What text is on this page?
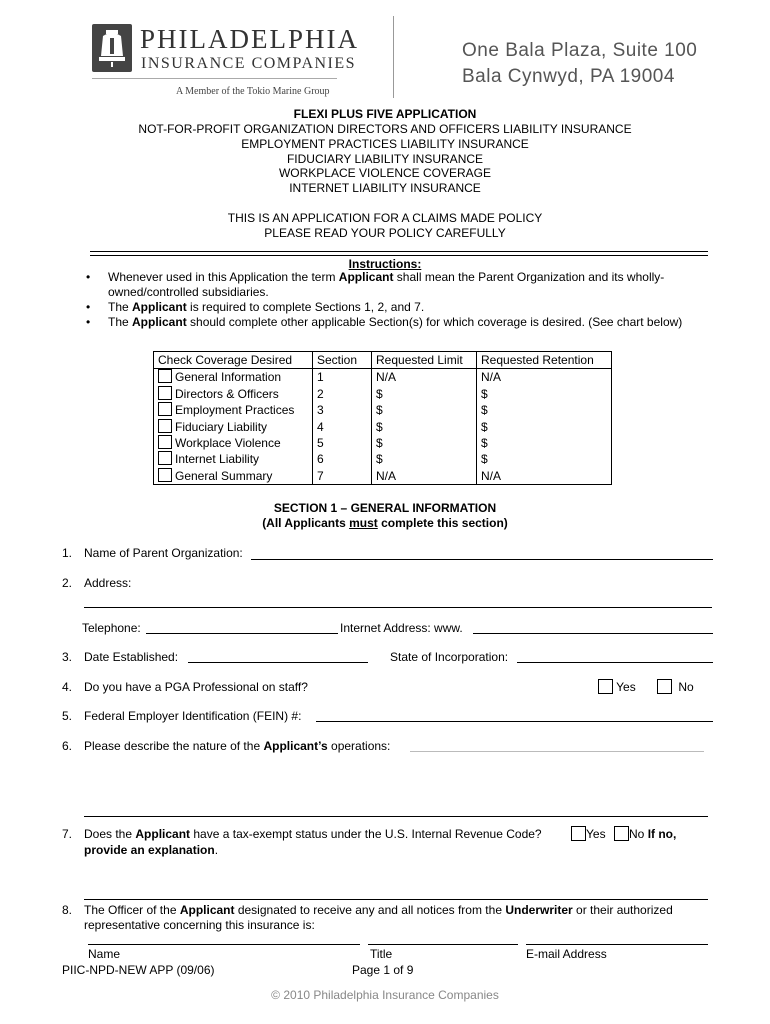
PHILADELPHIA
INSURANCE COMPANIES
A Member of the Tokio Marine Group
One Bala Plaza, Suite 100
Bala Cynwyd, PA 19004
FLEXI PLUS FIVE APPLICATION
NOT-FOR-PROFIT ORGANIZATION DIRECTORS AND OFFICERS LIABILITY INSURANCE
EMPLOYMENT PRACTICES LIABILITY INSURANCE
FIDUCIARY LIABILITY INSURANCE
WORKPLACE VIOLENCE COVERAGE
INTERNET LIABILITY INSURANCE
THIS IS AN APPLICATION FOR A CLAIMS MADE POLICY
PLEASE READ YOUR POLICY CAREFULLY
Instructions:
• Whenever used in this Application the term Applicant shall mean the Parent Organization and its wholly-owned/controlled subsidiaries.
• The Applicant is required to complete Sections 1, 2, and 7.
• The Applicant should complete other applicable Section(s) for which coverage is desired. (See chart below)
Check Coverage Desired	Section	Requested Limit	Requested Retention
General Information	1	N/A	N/A
Directors & Officers	2	$	$
Employment Practices	3	$	$
Fiduciary Liability	4	$	$
Workplace Violence	5	$	$
Internet Liability	6	$	$
General Summary	7	N/A	N/A
SECTION 1 – GENERAL INFORMATION
(All Applicants must complete this section)
1. Name of Parent Organization:
2. Address:
Telephone:	Internet Address: www.
3. Date Established:	State of Incorporation:
4. Do you have a PGA Professional on staff?	Yes	No
5. Federal Employer Identification (FEIN) #:
6. Please describe the nature of the Applicant’s operations:
7. Does the Applicant have a tax-exempt status under the U.S. Internal Revenue Code?	Yes	No If no,
provide an explanation.
8. The Officer of the Applicant designated to receive any and all notices from the Underwriter or their authorized
representative concerning this insurance is:
Name	Title	E-mail Address
PIIC-NPD-NEW APP (09/06)	Page 1 of 9
© 2010 Philadelphia Insurance Companies
